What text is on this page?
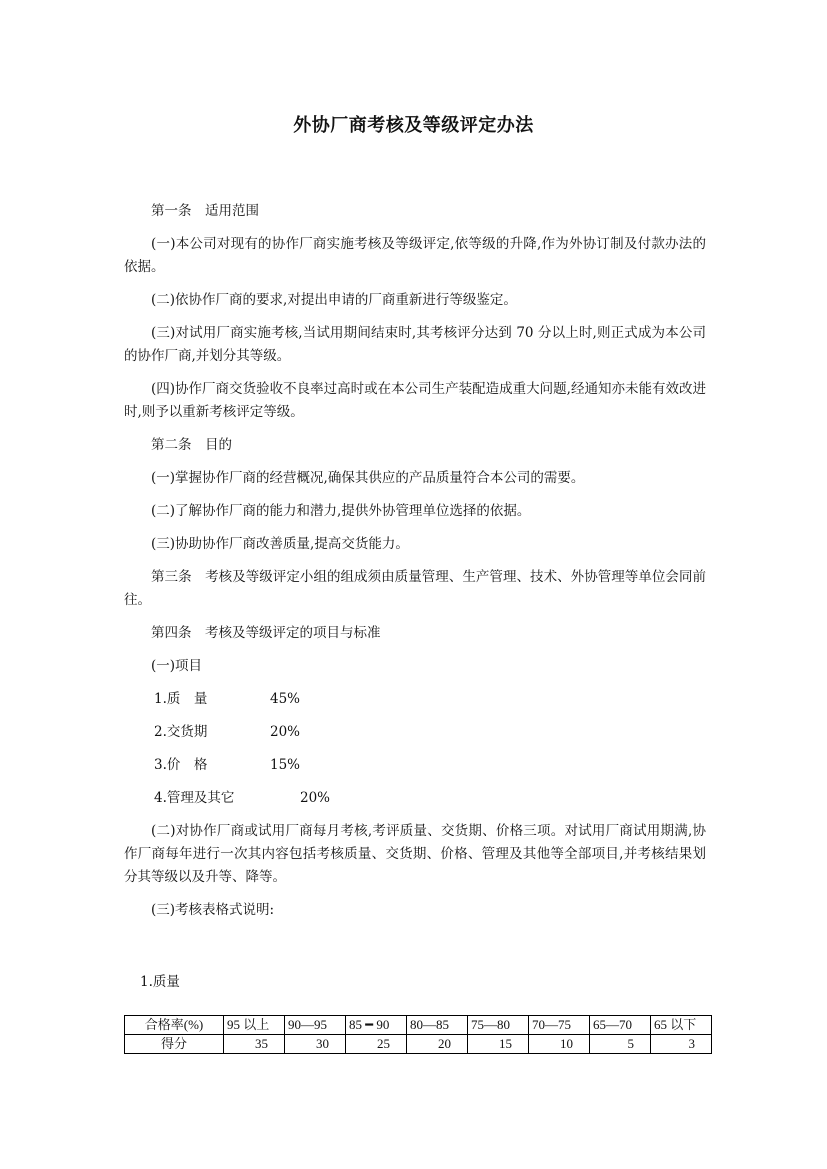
外协厂商考核及等级评定办法

第一条　适用范围

(一)本公司对现有的协作厂商实施考核及等级评定,依等级的升降,作为外协订制及付款办法的依据。

(二)依协作厂商的要求,对提出申请的厂商重新进行等级鉴定。

(三)对试用厂商实施考核,当试用期间结束时,其考核评分达到 70 分以上时,则正式成为本公司的协作厂商,并划分其等级。

(四)协作厂商交货验收不良率过高时或在本公司生产装配造成重大问题,经通知亦未能有效改进时,则予以重新考核评定等级。

第二条　目的

(一)掌握协作厂商的经营概况,确保其供应的产品质量符合本公司的需要。

(二)了解协作厂商的能力和潜力,提供外协管理单位选择的依据。

(三)协助协作厂商改善质量,提高交货能力。

第三条　考核及等级评定小组的组成须由质量管理、生产管理、技术、外协管理等单位会同前往。

第四条　考核及等级评定的项目与标准

(一)项目

1.质　量	45%
2.交货期	20%
3.价　格	15%
4.管理及其它	20%

(二)对协作厂商或试用厂商每月考核,考评质量、交货期、价格三项。对试用厂商试用期满,协作厂商每年进行一次其内容包括考核质量、交货期、价格、管理及其他等全部项目,并考核结果划分其等级以及升等、降等。

(三)考核表格式说明:

1.质量
合格率(%)	95 以上	90—95	85 ━ 90	80—85	75—80	70—75	65—70	65 以下
得分	35	30	25	20	15	10	5	3
